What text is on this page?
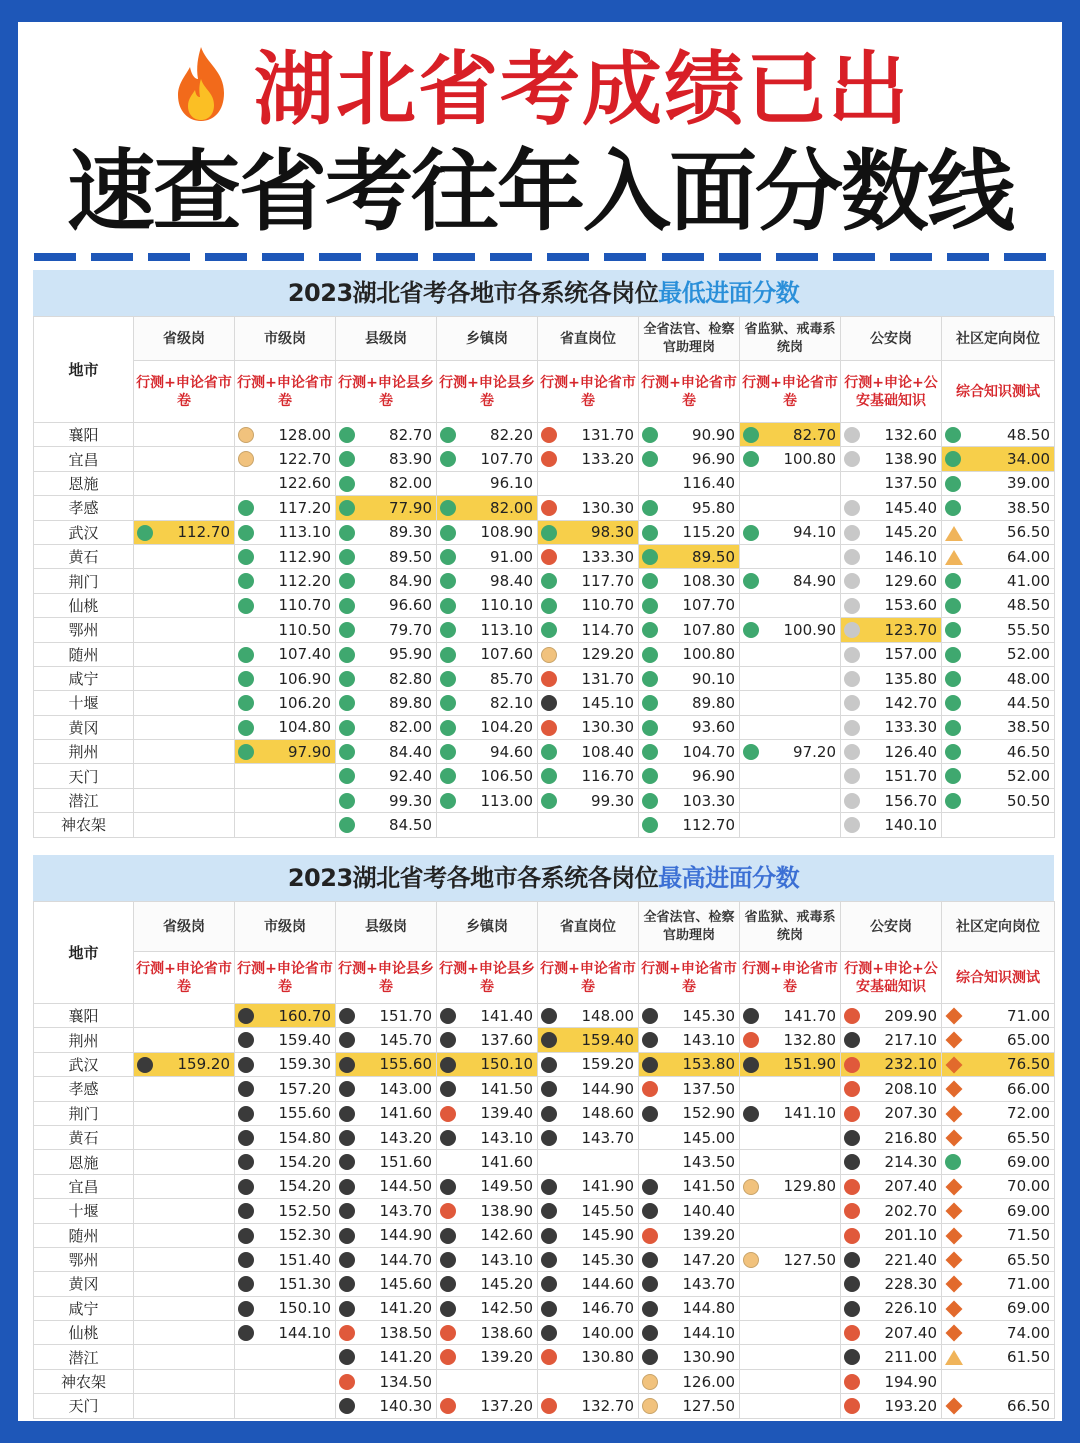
湖北省考成绩已出
速查省考往年入面分数线
2023湖北省考各地市各系统各岗位最低进面分数
地市	省级岗	市级岗	县级岗	乡镇岗	省直岗位	全省法官、检察官助理岗	省监狱、戒毒系统岗	公安岗	社区定向岗位
	行测+申论省市卷	行测+申论省市卷	行测+申论县乡卷	行测+申论县乡卷	行测+申论省市卷	行测+申论省市卷	行测+申论省市卷	行测+申论+公安基础知识	综合知识测试
襄阳		128.00	82.70	82.20	131.70	90.90	82.70	132.60	48.50
宜昌		122.70	83.90	107.70	133.20	96.90	100.80	138.90	34.00
恩施		122.60	82.00	96.10		116.40		137.50	39.00
孝感		117.20	77.90	82.00	130.30	95.80		145.40	38.50
武汉	112.70	113.10	89.30	108.90	98.30	115.20	94.10	145.20	56.50
黄石		112.90	89.50	91.00	133.30	89.50		146.10	64.00
荆门		112.20	84.90	98.40	117.70	108.30	84.90	129.60	41.00
仙桃		110.70	96.60	110.10	110.70	107.70		153.60	48.50
鄂州		110.50	79.70	113.10	114.70	107.80	100.90	123.70	55.50
随州		107.40	95.90	107.60	129.20	100.80		157.00	52.00
咸宁		106.90	82.80	85.70	131.70	90.10		135.80	48.00
十堰		106.20	89.80	82.10	145.10	89.80		142.70	44.50
黄冈		104.80	82.00	104.20	130.30	93.60		133.30	38.50
荆州		97.90	84.40	94.60	108.40	104.70	97.20	126.40	46.50
天门			92.40	106.50	116.70	96.90		151.70	52.00
潜江			99.30	113.00	99.30	103.30		156.70	50.50
神农架			84.50			112.70		140.10	
2023湖北省考各地市各系统各岗位最高进面分数
地市	省级岗	市级岗	县级岗	乡镇岗	省直岗位	全省法官、检察官助理岗	省监狱、戒毒系统岗	公安岗	社区定向岗位
	行测+申论省市卷	行测+申论省市卷	行测+申论县乡卷	行测+申论县乡卷	行测+申论省市卷	行测+申论省市卷	行测+申论省市卷	行测+申论+公安基础知识	综合知识测试
襄阳		160.70	151.70	141.40	148.00	145.30	141.70	209.90	71.00
荆州		159.40	145.70	137.60	159.40	143.10	132.80	217.10	65.00
武汉	159.20	159.30	155.60	150.10	159.20	153.80	151.90	232.10	76.50
孝感		157.20	143.00	141.50	144.90	137.50		208.10	66.00
荆门		155.60	141.60	139.40	148.60	152.90	141.10	207.30	72.00
黄石		154.80	143.20	143.10	143.70	145.00		216.80	65.50
恩施		154.20	151.60	141.60		143.50		214.30	69.00
宜昌		154.20	144.50	149.50	141.90	141.50	129.80	207.40	70.00
十堰		152.50	143.70	138.90	145.50	140.40		202.70	69.00
随州		152.30	144.90	142.60	145.90	139.20		201.10	71.50
鄂州		151.40	144.70	143.10	145.30	147.20	127.50	221.40	65.50
黄冈		151.30	145.60	145.20	144.60	143.70		228.30	71.00
咸宁		150.10	141.20	142.50	146.70	144.80		226.10	69.00
仙桃		144.10	138.50	138.60	140.00	144.10		207.40	74.00
潜江			141.20	139.20	130.80	130.90		211.00	61.50
神农架			134.50			126.00		194.90	
天门			140.30	137.20	132.70	127.50		193.20	66.50
